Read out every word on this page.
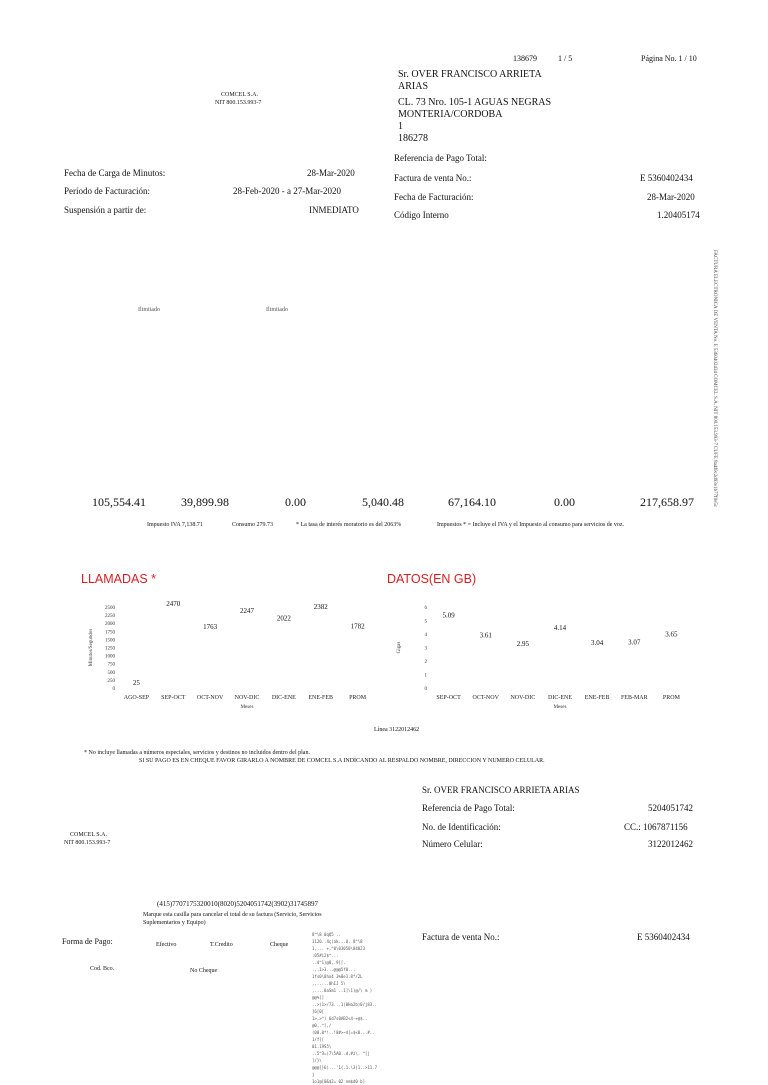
138679	1 / 5	Página No. 1 / 10
COMCEL S.A.
NIT 800.153.993-7
Sr. OVER FRANCISCO ARRIETA
ARIAS
CL. 73 Nro. 105-1 AGUAS NEGRAS
MONTERIA/CORDOBA
1
186278
Referencia de Pago Total:
Factura de venta No.:	E 5360402434
Fecha de Facturación:	28-Mar-2020
Código Interno	1.20405174
Fecha de Carga de Minutos:	28-Mar-2020
Período de Facturación:	28-Feb-2020 - a 27-Mar-2020
Suspensión a partir de:	INMEDIATO
FACTURA ELECTRONICA DE VENTA No. E 5360402434 COMCEL S.A. NIT 800.153.993-7 CUFE 8a4f0c2d93e1b77f0e5c
Ilimitado	Ilimitado
105,554.41	39,899.98	0.00	5,040.48	67,164.10	0.00	217,658.97
Impuesto IVA 7,138.71	Consumo 279.73	* La tasa de interés moratorio es del 2063%	Impuestos * = Incluye el IVA y el Impuesto al consumo para servicios de voz.
LLAMADAS *	DATOS(EN GB)
0
250
500
750
1000
1250
1500
1750
2000
2250
2500
Minutos/Segundos
AGO-SEP
25
SEP-OCT
2470
OCT-NOV
1763
NOV-DIC
2247
DIC-ENE
2022
ENE-FEB
2382
PROM
1782
Meses
0
1
2
3
4
5
6
Gigas
SEP-OCT
5.09
OCT-NOV
3.61
NOV-DIC
2.95
DIC-ENE
4.14
ENE-FEB
3.04
FEB-MAR
3.07
PROM
3.65
Meses
Línea 3122012462
* No incluye llamadas a números especiales, servicios y destinos no incluidos dentro del plan.
SI SU PAGO ES EN CHEQUE FAVOR GIRARLO A NOMBRE DE COMCEL S.A INDICANDO AL RESPALDO NOMBRE, DIRECCION Y NUMERO CELULAR.
Sr. OVER FRANCISCO ARRIETA ARIAS
Referencia de Pago Total:	5204051742
No. de Identificación:	CC.: 1067871156
Número Celular:	3122012462
COMCEL S.A.
NIT 800.153.993-7
(415)7707175320010(8020)5204051742(3902)31745897
Marque esta casilla para cancelar el total de su factura (Servicio, Servicios Suplementarios y Equipo)
Forma de Pago:	Efectivo	T.Credito	Cheque
Cod. Bco.	No Cheque
8^\8 0qQ5 .. 1120..4ç)ak...U. 8^\8
1,... +,^0\03050\84023 :05#i2$^...
..4^1)@0,.9[[. .,.1>3...@@@5f0...
1fs0\8hx4 3%0e1.8*/2L ,,.....0hIJ 5\
,....0aSm1 ..1]\1)@/\ m ) @@%]]
..>(1>/73...1(0Ha2b)0/j83.. ]6[0[
1>,>^) 6d7s0AB2<4-+@$.. @0..^[,/
(00.0*!..!8#>~4[=$<0...#.. 1/f[[
01.19S5\ ..5^3=)7\5A0..d,#z\. ^[j
]/}\ @@@]}6)...'1{.1.\3)1..>11.7 j
1o1@[0&$2= 02 nm$d0 b]
Factura de venta No.:	E 5360402434
